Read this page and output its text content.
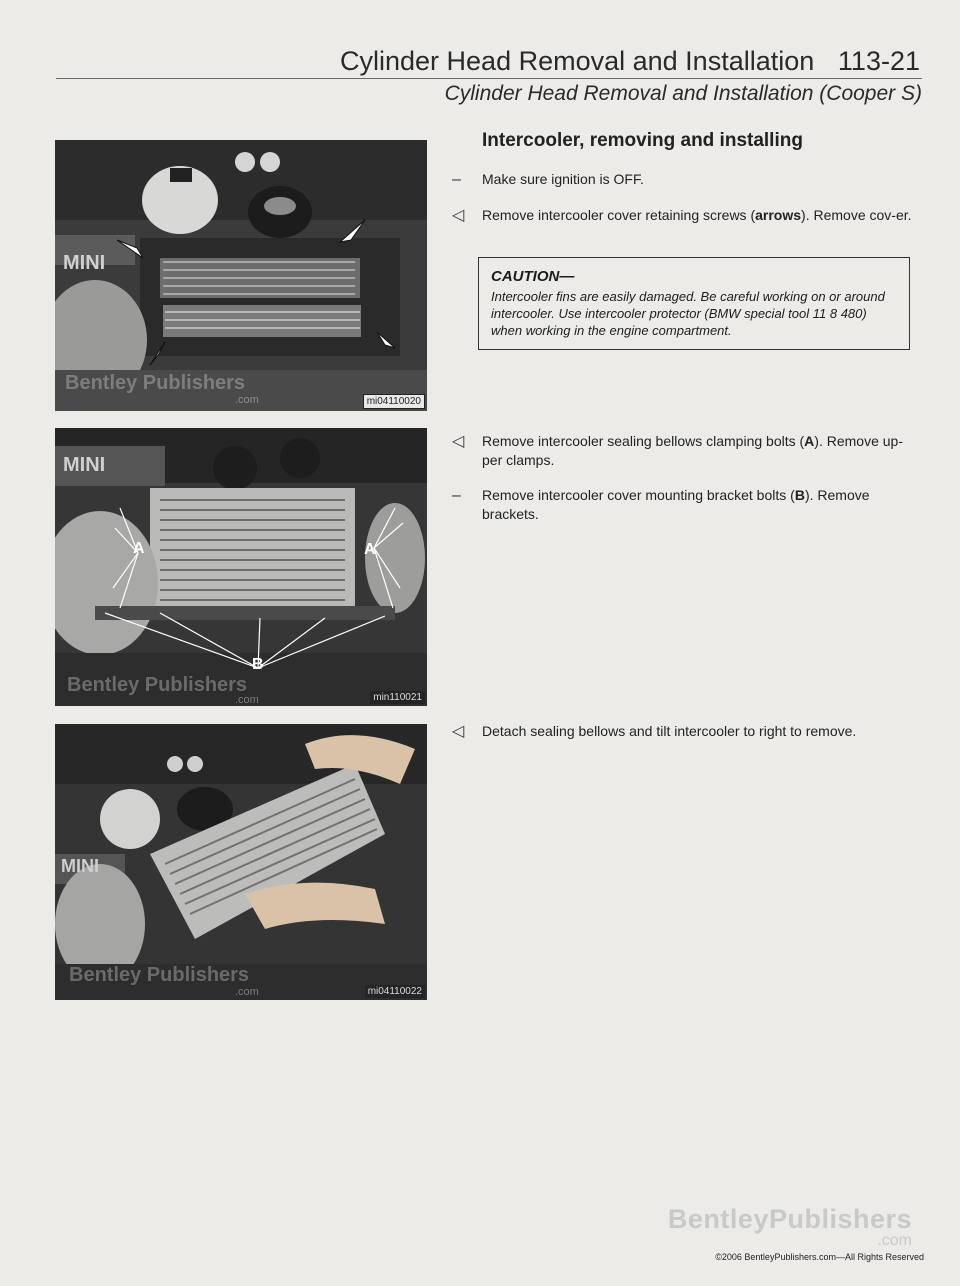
Cylinder Head Removal and Installation 113-21
Cylinder Head Removal and Installation (Cooper S)
Bentley Publishers
.com
MINI
mi04110020
A	A
B
MINI
Bentley Publishers
.com	min110021
MINI
Bentley Publishers
.com	mi04110022
Intercooler, removing and installing
–	Make sure ignition is OFF.
◁	Remove intercooler cover retaining screws (arrows). Remove cov-er.
CAUTION—
Intercooler fins are easily damaged. Be careful working on or around intercooler. Use intercooler protector (BMW special tool 11 8 480) when working in the engine compartment.
◁	Remove intercooler sealing bellows clamping bolts (A). Remove up-per clamps.
–	Remove intercooler cover mounting bracket bolts (B). Remove brackets.
◁	Detach sealing bellows and tilt intercooler to right to remove.
BentleyPublishers
.com
©2006 BentleyPublishers.com—All Rights Reserved
